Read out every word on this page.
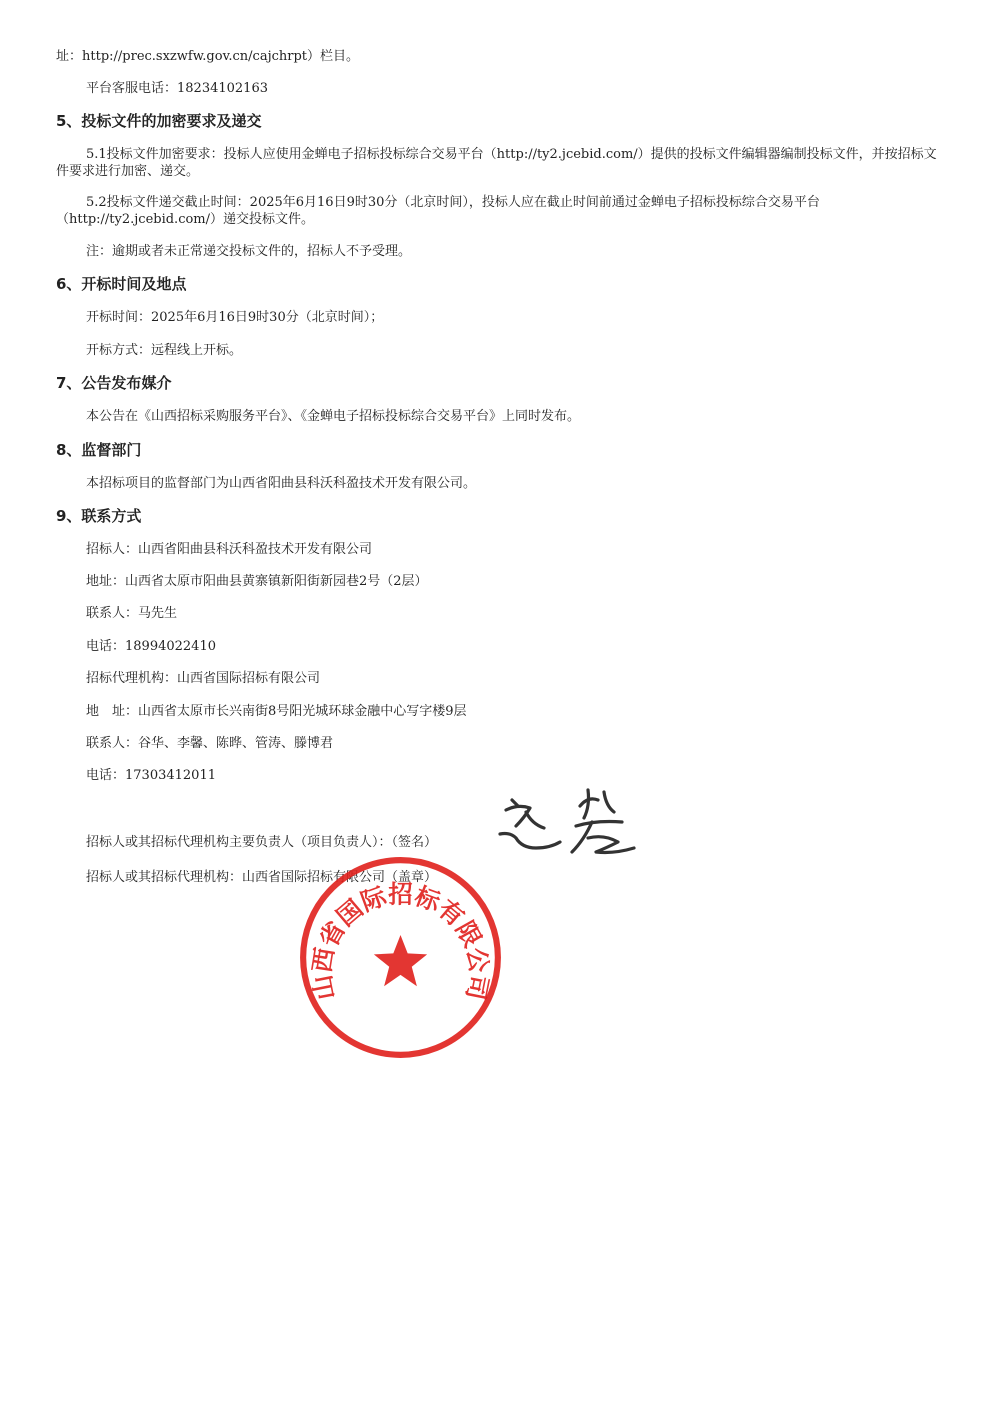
址：http://prec.sxzwfw.gov.cn/cajchrpt）栏目。
平台客服电话：18234102163
5、投标文件的加密要求及递交
5.1投标文件加密要求：投标人应使用金蝉电子招标投标综合交易平台（http://ty2.jcebid.com/）提供的投标文件编辑器编制投标文件，并按招标文件要求进行加密、递交。
5.2投标文件递交截止时间：2025年6月16日9时30分（北京时间），投标人应在截止时间前通过金蝉电子招标投标综合交易平台（http://ty2.jcebid.com/）递交投标文件。
注：逾期或者未正常递交投标文件的，招标人不予受理。
6、开标时间及地点
开标时间：2025年6月16日9时30分（北京时间）；
开标方式：远程线上开标。
7、公告发布媒介
本公告在《山西招标采购服务平台》、《金蝉电子招标投标综合交易平台》上同时发布。
8、监督部门
本招标项目的监督部门为山西省阳曲县科沃科盈技术开发有限公司。
9、联系方式
招标人：山西省阳曲县科沃科盈技术开发有限公司
地址：山西省太原市阳曲县黄寨镇新阳街新园巷2号（2层）
联系人：马先生
电话：18994022410
招标代理机构：山西省国际招标有限公司
地　址：山西省太原市长兴南街8号阳光城环球金融中心写字楼9层
联系人：谷华、李馨、陈晔、管涛、滕博君
电话：17303412011
招标人或其招标代理机构主要负责人（项目负责人）：（签名）
招标人或其招标代理机构：山西省国际招标有限公司（盖章）
山西省国际招标有限公司
